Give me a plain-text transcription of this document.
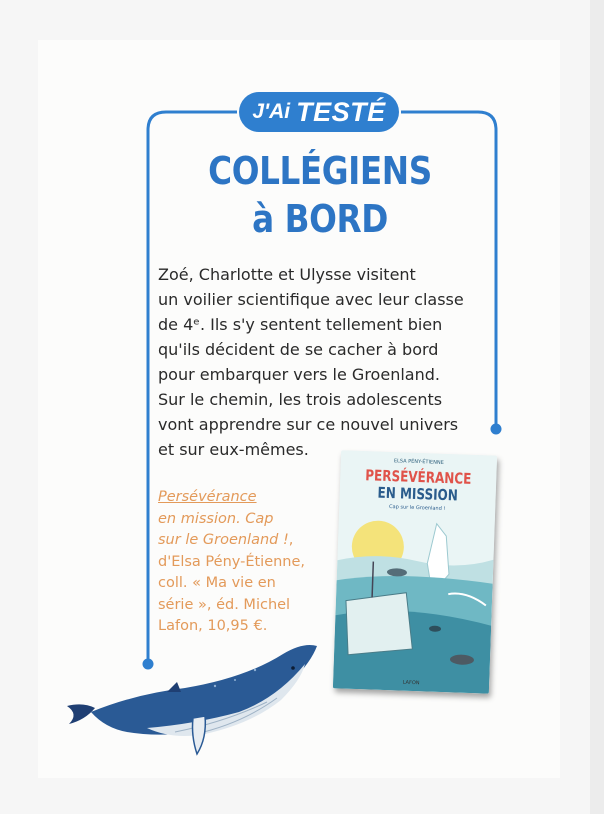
J'Ai TESTÉ
COLLÉGIENS
à BORD

Zoé, Charlotte et Ulysse visitent

un voilier scientifique avec leur classe

de 4ᵉ. Ils s'y sentent tellement bien

qu'ils décident de se cacher à bord

pour embarquer vers le Groenland.

Sur le chemin, les trois adolescents

vont apprendre sur ce nouvel univers

et sur eux-mêmes.

Persévérance
en mission. Cap
sur le Groenland !,
d'Elsa Pény-Étienne,
coll. « Ma vie en
série », éd. Michel
Lafon, 10,95 €.
ELSA PÉNY-ÉTIENNE
PERSÉVÉRANCE
EN MISSION
Cap sur le Groenland !
LAFON
